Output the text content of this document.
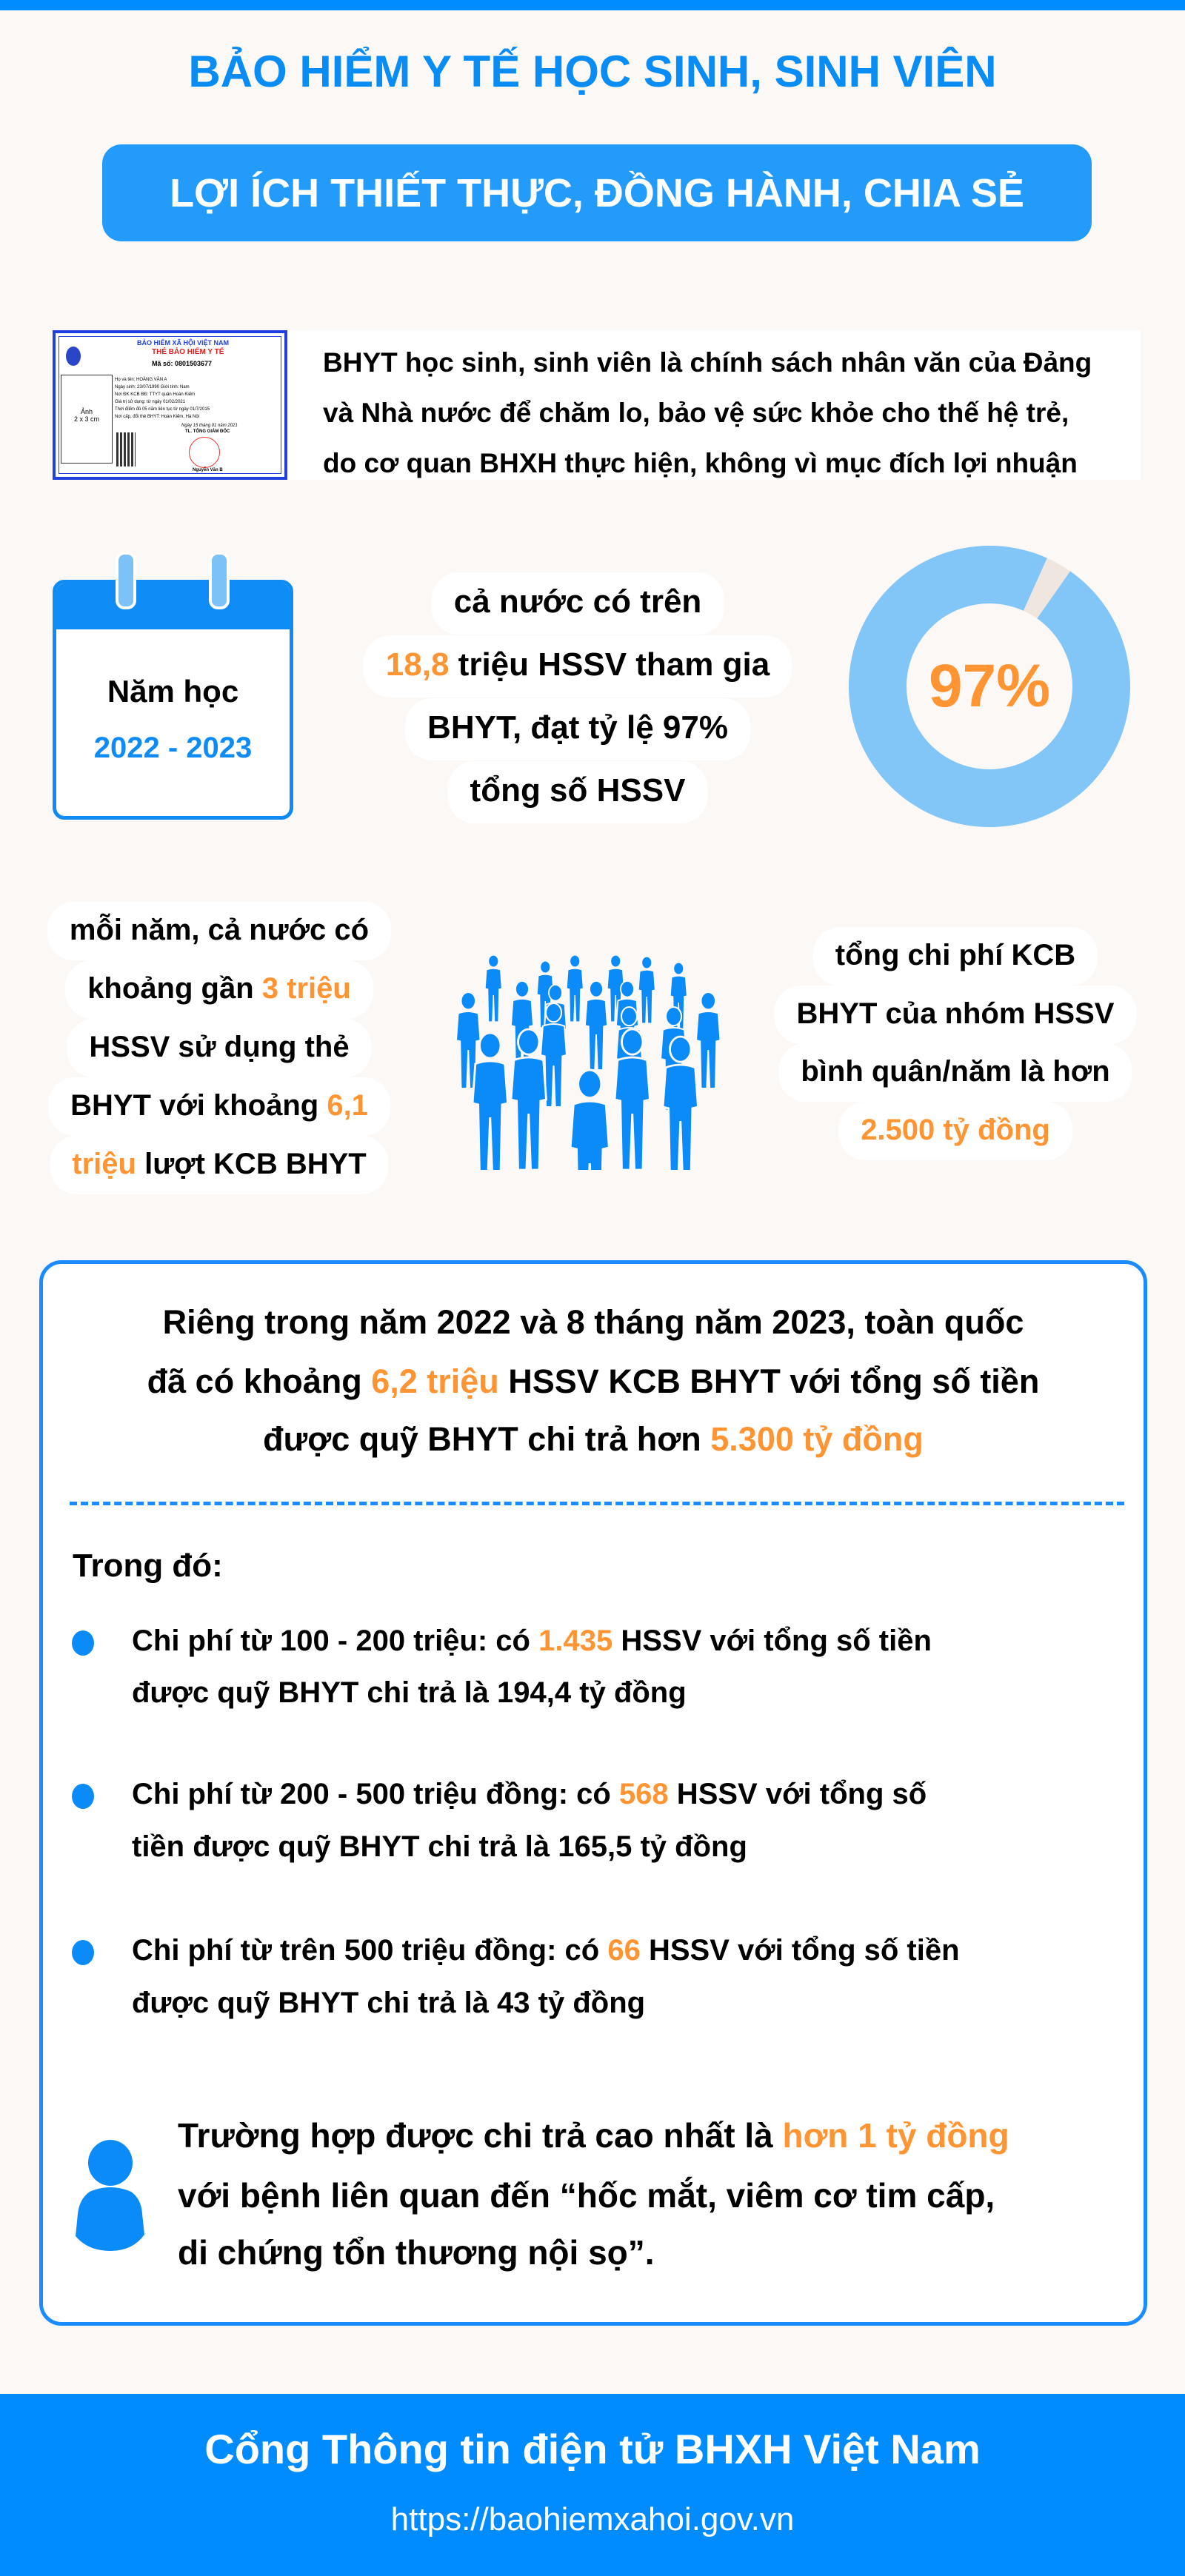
BẢO HIỂM Y TẾ HỌC SINH, SINH VIÊN
LỢI ÍCH THIẾT THỰC, ĐỒNG HÀNH, CHIA SẺ
BẢO HIỂM XÃ HỘI VIỆT NAM
THẺ BẢO HIỂM Y TẾ
Mã số: 0801503677
Ảnh
2 x 3 cm
Họ và tên: HOÀNG VĂN A
Ngày sinh: 23/07/1990 Giới tính: Nam
Nơi ĐK KCB BĐ: TTYT quận Hoàn Kiếm
Giá trị sử dụng: từ ngày 01/02/2021
Thời điểm đủ 05 năm liên tục từ ngày 01/7/2015
Nơi cấp, đổi thẻ BHYT: Hoàn Kiếm, Hà Nội
Ngày 15 tháng 01 năm 2021
TL. TỔNG GIÁM ĐỐC
Nguyễn Văn B
BHYT học sinh, sinh viên là chính sách nhân văn của Đảng
và Nhà nước để chăm lo, bảo vệ sức khỏe cho thế hệ trẻ,
do cơ quan BHXH thực hiện, không vì mục đích lợi nhuận
Năm học
2022 - 2023
cả nước có trên
18,8 triệu HSSV tham gia
BHYT, đạt tỷ lệ 97%
tổng số HSSV
97%
mỗi năm, cả nước có
khoảng gần 3 triệu
HSSV sử dụng thẻ
BHYT với khoảng 6,1
triệu lượt KCB BHYT
tổng chi phí KCB
BHYT của nhóm HSSV
bình quân/năm là hơn
2.500 tỷ đồng
Riêng trong năm 2022 và 8 tháng năm 2023, toàn quốc
đã có khoảng 6,2 triệu HSSV KCB BHYT với tổng số tiền
được quỹ BHYT chi trả hơn 5.300 tỷ đồng
Trong đó:
Chi phí từ 100 - 200 triệu: có 1.435 HSSV với tổng số tiền
được quỹ BHYT chi trả là 194,4 tỷ đồng
Chi phí từ 200 - 500 triệu đồng: có 568 HSSV với tổng số
tiền được quỹ BHYT chi trả là 165,5 tỷ đồng
Chi phí từ trên 500 triệu đồng: có 66 HSSV với tổng số tiền
được quỹ BHYT chi trả là 43 tỷ đồng
Trường hợp được chi trả cao nhất là hơn 1 tỷ đồng
với bệnh liên quan đến “hốc mắt, viêm cơ tim cấp,
di chứng tổn thương nội sọ”.
Cổng Thông tin điện tử BHXH Việt Nam
https://baohiemxahoi.gov.vn
